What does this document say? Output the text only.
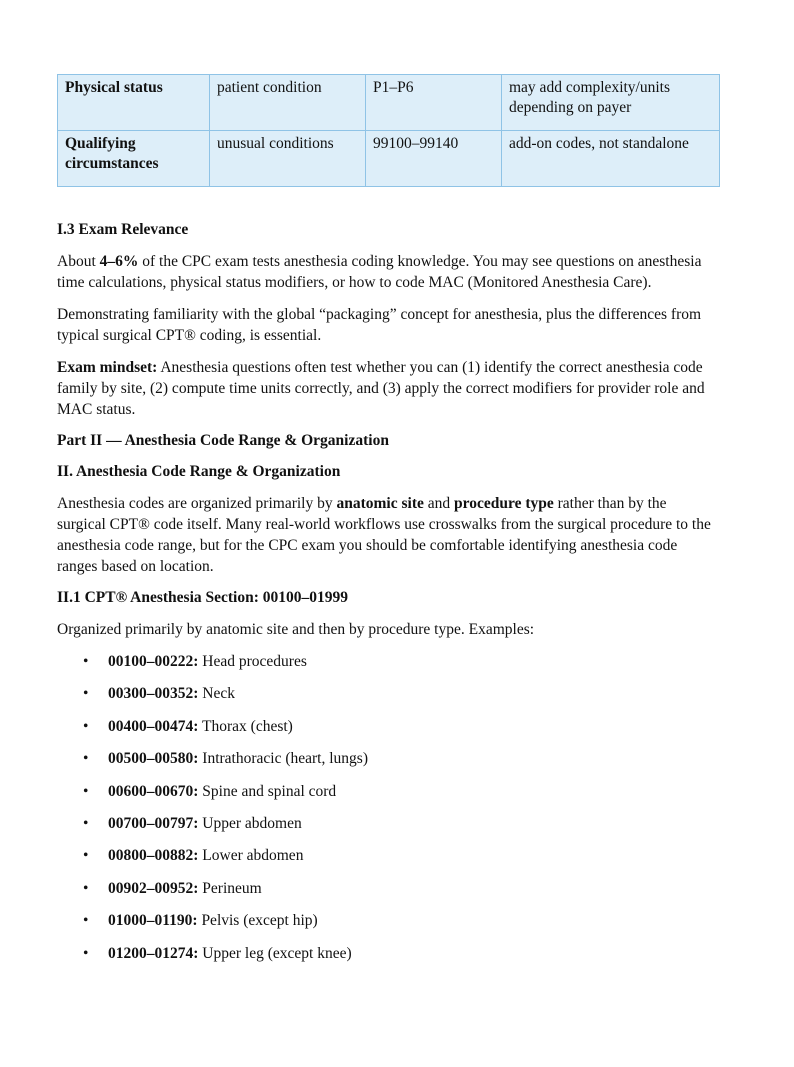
Physical status	patient condition	P1–P6	may add complexity/units depending on payer
Qualifying circumstances	unusual conditions	99100–99140	add-on codes, not standalone
I.3 Exam Relevance

About 4–6% of the CPC exam tests anesthesia coding knowledge. You may see questions on anesthesia time calculations, physical status modifiers, or how to code MAC (Monitored Anesthesia Care).

Demonstrating familiarity with the global “packaging” concept for anesthesia, plus the differences from typical surgical CPT® coding, is essential.

Exam mindset: Anesthesia questions often test whether you can (1) identify the correct anesthesia code family by site, (2) compute time units correctly, and (3) apply the correct modifiers for provider role and MAC status.

Part II — Anesthesia Code Range & Organization
II. Anesthesia Code Range & Organization

Anesthesia codes are organized primarily by anatomic site and procedure type rather than by the surgical CPT® code itself. Many real-world workflows use crosswalks from the surgical procedure to the anesthesia code range, but for the CPC exam you should be comfortable identifying anesthesia code ranges based on location.

II.1 CPT® Anesthesia Section: 00100–01999

Organized primarily by anatomic site and then by procedure type. Examples:

• 00100–00222: Head procedures
• 00300–00352: Neck
• 00400–00474: Thorax (chest)
• 00500–00580: Intrathoracic (heart, lungs)
• 00600–00670: Spine and spinal cord
• 00700–00797: Upper abdomen
• 00800–00882: Lower abdomen
• 00902–00952: Perineum
• 01000–01190: Pelvis (except hip)
• 01200–01274: Upper leg (except knee)
